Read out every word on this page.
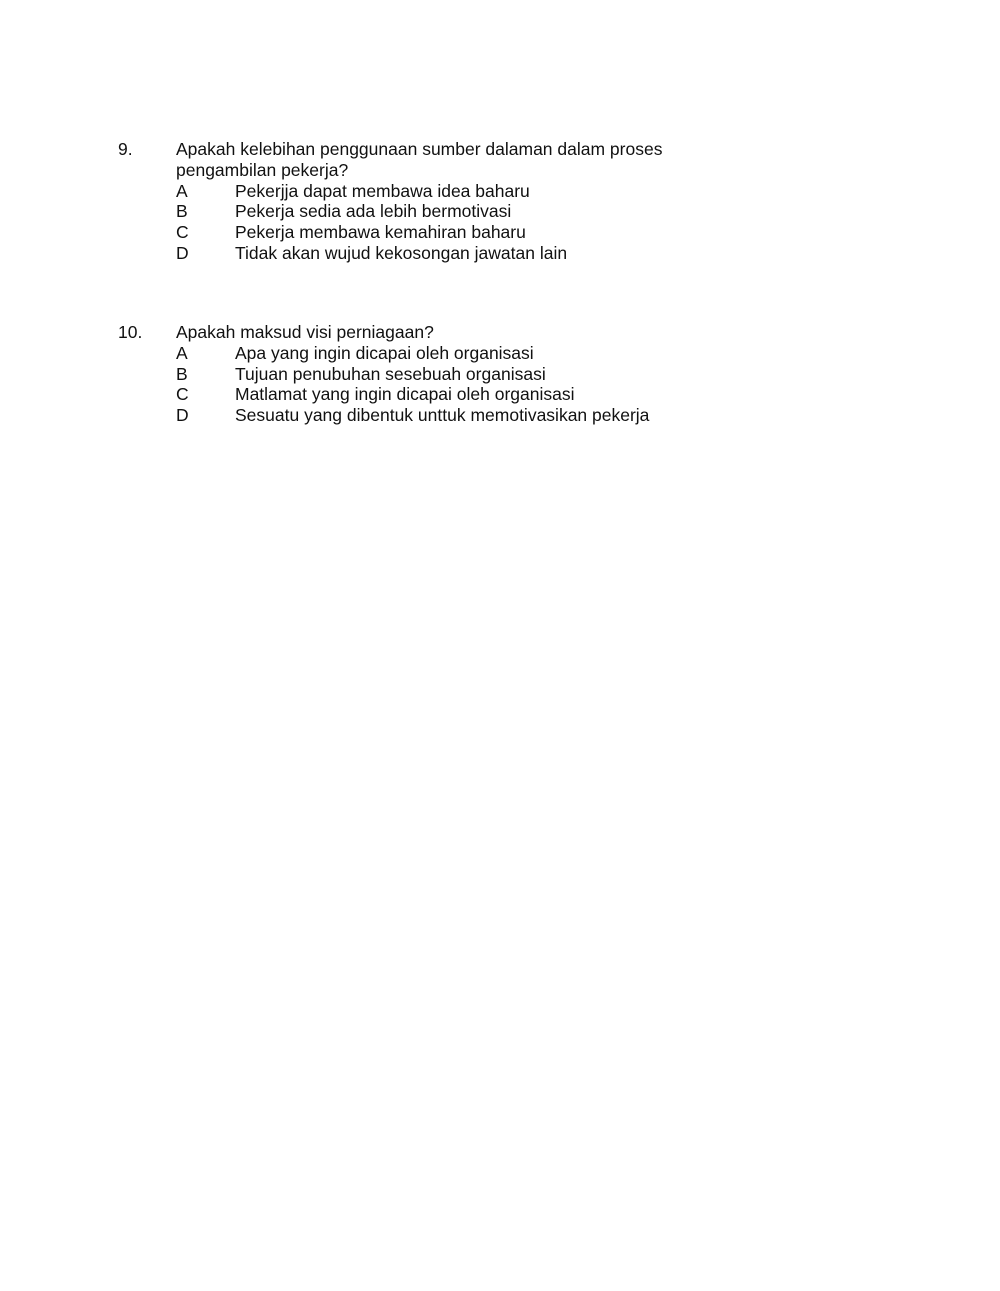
9.	Apakah kelebihan penggunaan sumber dalaman dalam proses pengambilan pekerja?
A	Pekerjja dapat membawa idea baharu
B	Pekerja sedia ada lebih bermotivasi
C	Pekerja membawa kemahiran baharu
D	Tidak akan wujud kekosongan jawatan lain
10.	Apakah maksud visi perniagaan?
A	Apa yang ingin dicapai oleh organisasi
B	Tujuan penubuhan sesebuah organisasi
C	Matlamat yang ingin dicapai oleh organisasi
D	Sesuatu yang dibentuk unttuk memotivasikan pekerja
